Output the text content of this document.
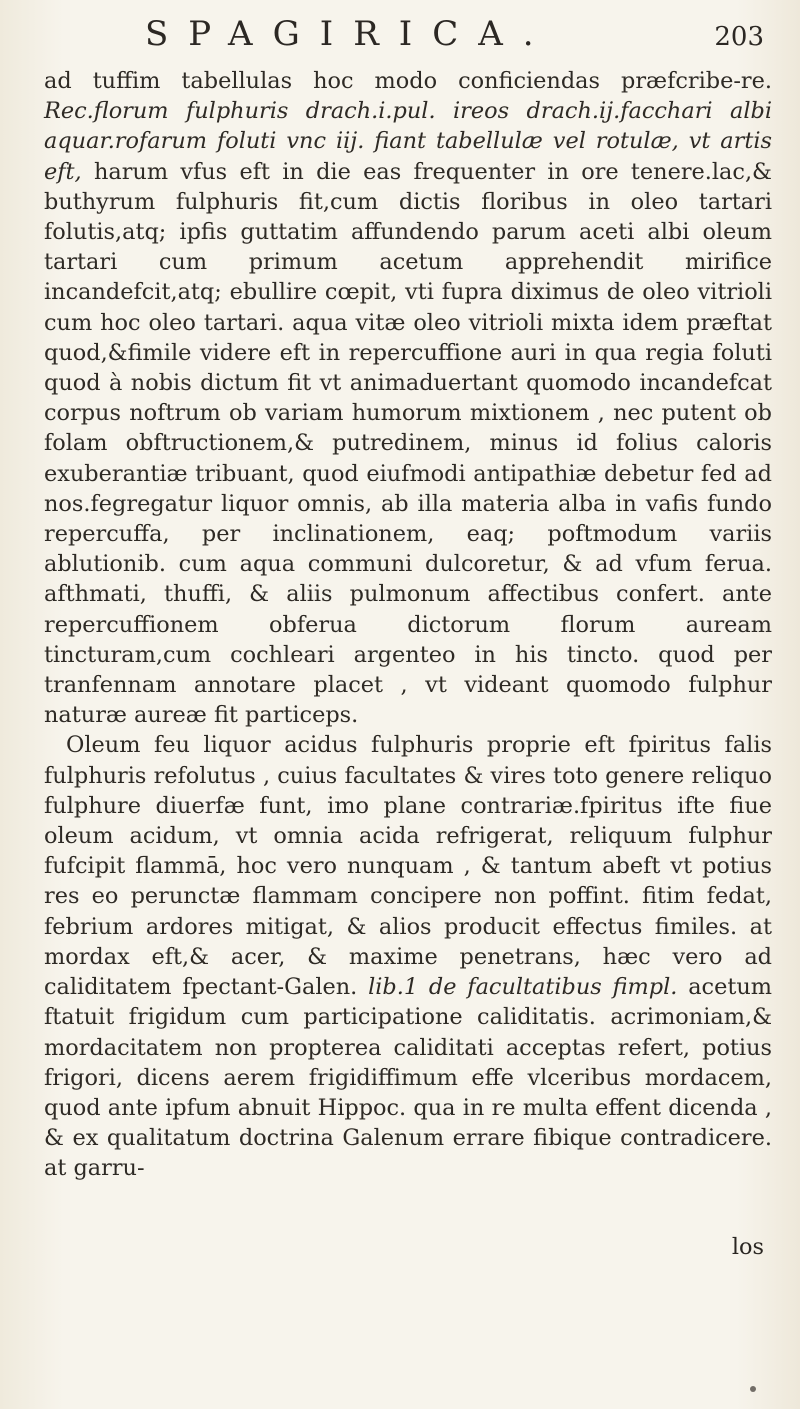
SPAGIRICA.	203

ad tuffim tabellulas hoc modo conficiendas præfcribe-re. Rec.florum fulphuris drach.i.pul. ireos drach.ij.facchari albi aquar.rofarum foluti vnc iij. fiant tabellulæ vel rotulæ, vt artis eft, harum vfus eft in die eas frequenter in ore tenere.lac,& buthyrum fulphuris fit,cum dictis floribus in oleo tartari folutis,atq; ipfis guttatim affundendo parum aceti albi oleum tartari cum primum acetum apprehendit mirifice incandefcit,atq; ebullire cœpit, vti fupra diximus de oleo vitrioli cum hoc oleo tartari. aqua vitæ oleo vitrioli mixta idem præftat quod,&fimile videre eft in repercuffione auri in qua regia foluti quod à nobis dictum fit vt animaduertant quomodo incandefcat corpus noftrum ob variam humorum mixtionem , nec putent ob folam obftructionem,& putredinem, minus id folius caloris exuberantiæ tribuant, quod eiufmodi antipathiæ debetur fed ad nos.fegregatur liquor omnis, ab illa materia alba in vafis fundo repercuffa, per inclinationem, eaq; poftmodum variis ablutionib. cum aqua communi dulcoretur, & ad vfum ferua. afthmati, thuffi, & aliis pulmonum affectibus confert. ante repercuffionem obferua dictorum florum auream tincturam,cum cochleari argenteo in his tincto. quod per tranfennam annotare placet , vt videant quomodo fulphur naturæ aureæ fit particeps.

Oleum feu liquor acidus fulphuris proprie eft fpiritus falis fulphuris refolutus , cuius facultates & vires toto genere reliquo fulphure diuerfæ funt, imo plane contrariæ.fpiritus ifte fiue oleum acidum, vt omnia acida refrigerat, reliquum fulphur fufcipit flammā, hoc vero nunquam , & tantum abeft vt potius res eo perunctæ flammam concipere non poffint. fitim fedat, febrium ardores mitigat, & alios producit effectus fimiles. at mordax eft,& acer, & maxime penetrans, hæc vero ad caliditatem fpectant-Galen. lib.1 de facultatibus fimpl. acetum ftatuit frigidum cum participatione caliditatis. acrimoniam,& mordacitatem non propterea caliditati acceptas refert, potius frigori, dicens aerem frigidiffimum effe vlceribus mordacem, quod ante ipfum abnuit Hippoc. qua in re multa effent dicenda , & ex qualitatum doctrina Galenum errare fibique contradicere. at garru-

los
